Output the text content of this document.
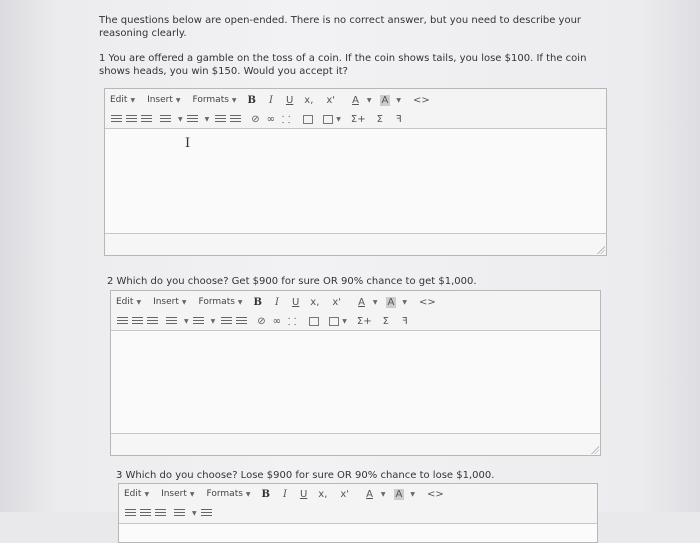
The questions below are open-ended. There is no correct answer, but you need to describe your reasoning clearly.
1 You are offered a gamble on the toss of a coin. If the coin shows tails, you lose $100. If the coin shows heads, you win $150. Would you accept it?
Edit ▼ Insert ▼ Formats ▼ B I U x, x' A	▼ A	▼ <>
▼	▼	⊘ ∞ ⸬	▼ Σ+ Σ ꟻ
I
2 Which do you choose? Get $900 for sure OR 90% chance to get $1,000.
Edit ▼ Insert ▼ Formats ▼ B I U x, x' A	▼ A	▼ <>
▼	▼	⊘ ∞ ⸬	▼ Σ+ Σ ꟻ
3 Which do you choose? Lose $900 for sure OR 90% chance to lose $1,000.
Edit ▼ Insert ▼ Formats ▼ B I U x, x' A	▼ A	▼ <>
▼
